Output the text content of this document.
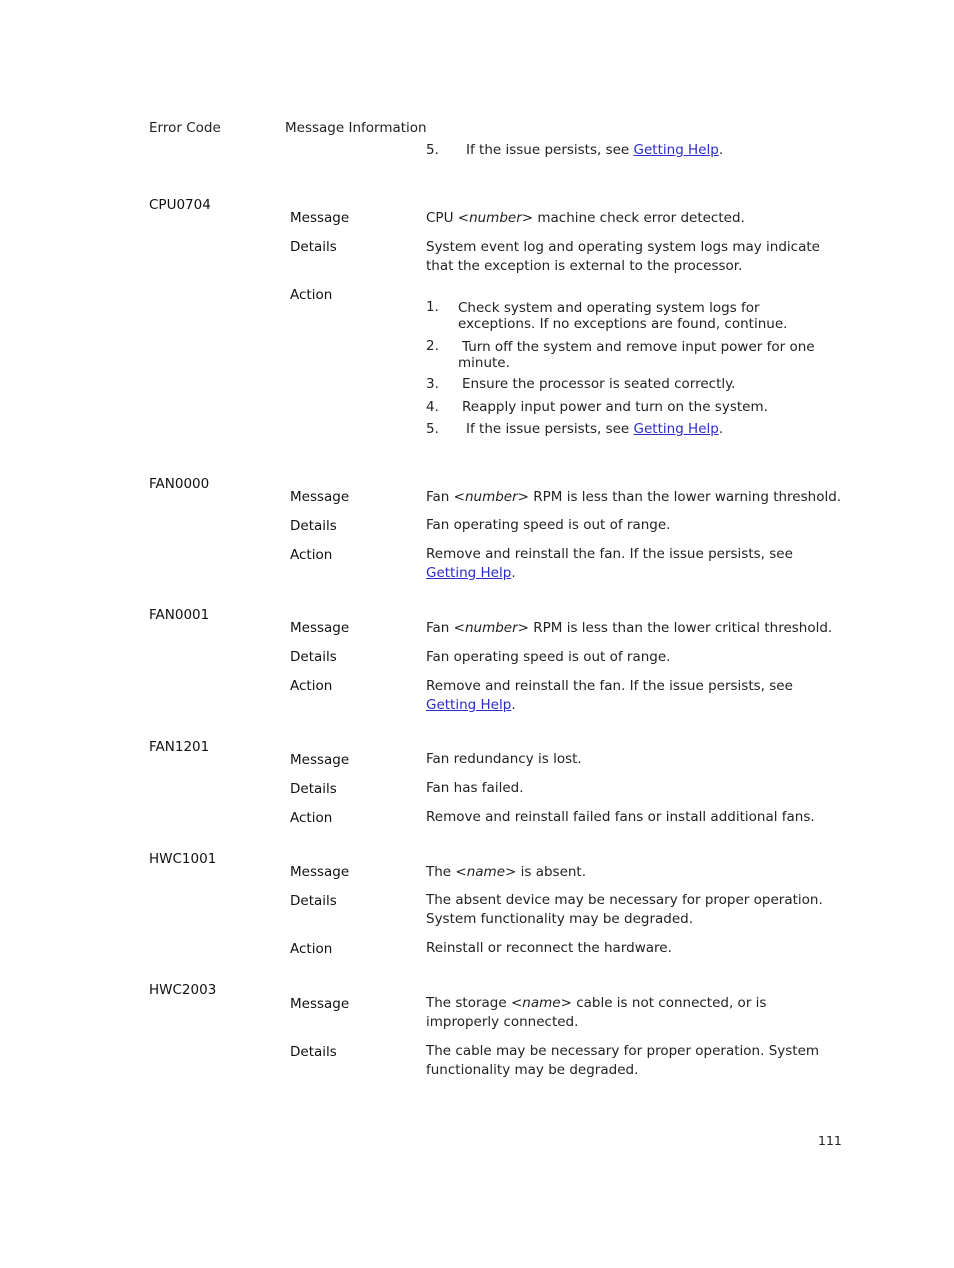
Error Code	Message Information
5. If the issue persists, see Getting Help.
CPU0704
Message	CPU <number> machine check error detected.
Details	System event log and operating system logs may indicate that the exception is external to the processor.
Action
1. Check system and operating system logs for exceptions. If no exceptions are found, continue.
2. Turn off the system and remove input power for one minute.
3. Ensure the processor is seated correctly.
4. Reapply input power and turn on the system.
5. If the issue persists, see Getting Help.
FAN0000
Message	Fan <number> RPM is less than the lower warning threshold.
Details	Fan operating speed is out of range.
Action	Remove and reinstall the fan. If the issue persists, see Getting Help.
FAN0001
Message	Fan <number> RPM is less than the lower critical threshold.
Details	Fan operating speed is out of range.
Action	Remove and reinstall the fan. If the issue persists, see Getting Help.
FAN1201
Message	Fan redundancy is lost.
Details	Fan has failed.
Action	Remove and reinstall failed fans or install additional fans.
HWC1001
Message	The <name> is absent.
Details	The absent device may be necessary for proper operation. System functionality may be degraded.
Action	Reinstall or reconnect the hardware.
HWC2003
Message	The storage <name> cable is not connected, or is improperly connected.
Details	The cable may be necessary for proper operation. System functionality may be degraded.
111
